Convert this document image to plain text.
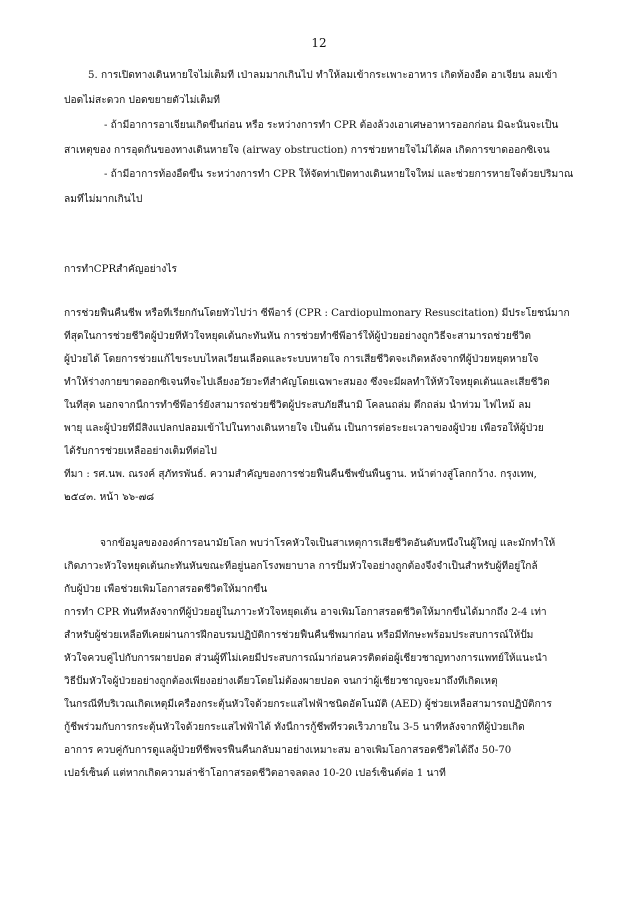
12
5. การเปิดทางเดินหายใจไม่เต็มที่ เป่าลมมากเกินไป ทำให้ลมเข้ากระเพาะอาหาร เกิดท้องอืด อาเจียน ลมเข้า
ปอดไม่สะดวก ปอดขยายตัวไม่เต็มที่
- ถ้ามีอาการอาเจียนเกิดขึ้นก่อน หรือ ระหว่างการทำ CPR ต้องล้วงเอาเศษอาหารออกก่อน มิฉะนั้นจะเป็น
สาเหตุของ การอุดกั้นของทางเดินหายใจ (airway obstruction) การช่วยหายใจไม่ได้ผล เกิดการขาดออกซิเจน
- ถ้ามีอาการท้องอืดขึ้น ระหว่างการทำ CPR ให้จัดท่าเปิดทางเดินหายใจใหม่ และช่วยการหายใจด้วยปริมาณ
ลมที่ไม่มากเกินไป
การทำCPRสำคัญอย่างไร
การช่วยฟื้นคืนชีพ หรือที่เรียกกันโดยทั่วไปว่า ซีพีอาร์ (CPR : Cardiopulmonary Resuscitation) มีประโยชน์มาก
ที่สุดในการช่วยชีวิตผู้ป่วยที่หัวใจหยุดเต้นกะทันหัน การช่วยทำซีพีอาร์ให้ผู้ป่วยอย่างถูกวิธีจะสามารถช่วยชีวิต
ผู้ป่วยได้ โดยการช่วยแก้ไขระบบไหลเวียนเลือดและระบบหายใจ การเสียชีวิตจะเกิดหลังจากที่ผู้ป่วยหยุดหายใจ
ทำให้ร่างกายขาดออกซิเจนที่จะไปเลี้ยงอวัยวะที่สำคัญโดยเฉพาะสมอง ซึ่งจะมีผลทำให้หัวใจหยุดเต้นและเสียชีวิต
ในที่สุด นอกจากนี้การทำซีพีอาร์ยังสามารถช่วยชีวิตผู้ประสบภัยสึนามิ โคลนถล่ม ตึกถล่ม น้ำท่วม ไฟไหม้ ลม
พายุ และผู้ป่วยที่มีสิ่งแปลกปลอมเข้าไปในทางเดินหายใจ เป็นต้น เป็นการต่อระยะเวลาของผู้ป่วย เพื่อรอให้ผู้ป่วย
ได้รับการช่วยเหลืออย่างเต็มที่ต่อไป
ที่มา : รศ.นพ. ณรงค์ สุภัทรพันธ์. ความสำคัญของการช่วยฟื้นคืนชีพขั้นพื้นฐาน. หน้าต่างสู่โลกกว้าง. กรุงเทพ,
๒๕๔๓. หน้า ๖๖-๗๘
จากข้อมูลขององค์การอนามัยโลก พบว่าโรคหัวใจเป็นสาเหตุการเสียชีวิตอันดับหนึ่งในผู้ใหญ่ และมักทำให้
เกิดภาวะหัวใจหยุดเต้นกะทันหันขณะที่อยู่นอกโรงพยาบาล การปั๊มหัวใจอย่างถูกต้องจึงจำเป็นสำหรับผู้ที่อยู่ใกล้
กับผู้ป่วย เพื่อช่วยเพิ่มโอกาสรอดชีวิตให้มากขึ้น
การทำ CPR ทันทีหลังจากที่ผู้ป่วยอยู่ในภาวะหัวใจหยุดเต้น อาจเพิ่มโอกาสรอดชีวิตให้มากขึ้นได้มากถึง 2-4 เท่า
สำหรับผู้ช่วยเหลือที่เคยผ่านการฝึกอบรมปฏิบัติการช่วยฟื้นคืนชีพมาก่อน หรือมีทักษะพร้อมประสบการณ์ให้ปั๊ม
หัวใจควบคู่ไปกับการผายปอด ส่วนผู้ที่ไม่เคยมีประสบการณ์มาก่อนควรติดต่อผู้เชี่ยวชาญทางการแพทย์ให้แนะนำ
วิธีปั๊มหัวใจผู้ป่วยอย่างถูกต้องเพียงอย่างเดียวโดยไม่ต้องผายปอด จนกว่าผู้เชี่ยวชาญจะมาถึงที่เกิดเหตุ
ในกรณีที่บริเวณเกิดเหตุมีเครื่องกระตุ้นหัวใจด้วยกระแสไฟฟ้าชนิดอัตโนมัติ (AED) ผู้ช่วยเหลือสามารถปฏิบัติการ
กู้ชีพร่วมกับการกระตุ้นหัวใจด้วยกระแสไฟฟ้าได้ ทั้งนี้การกู้ชีพที่รวดเร็วภายใน 3-5 นาทีหลังจากที่ผู้ป่วยเกิด
อาการ ควบคู่กับการดูแลผู้ป่วยที่ชีพจรฟื้นคืนกลับมาอย่างเหมาะสม อาจเพิ่มโอกาสรอดชีวิตได้ถึง 50-70
เปอร์เซ็นต์ แต่หากเกิดความล่าช้าโอกาสรอดชีวิตอาจลดลง 10-20 เปอร์เซ็นต์ต่อ 1 นาที
